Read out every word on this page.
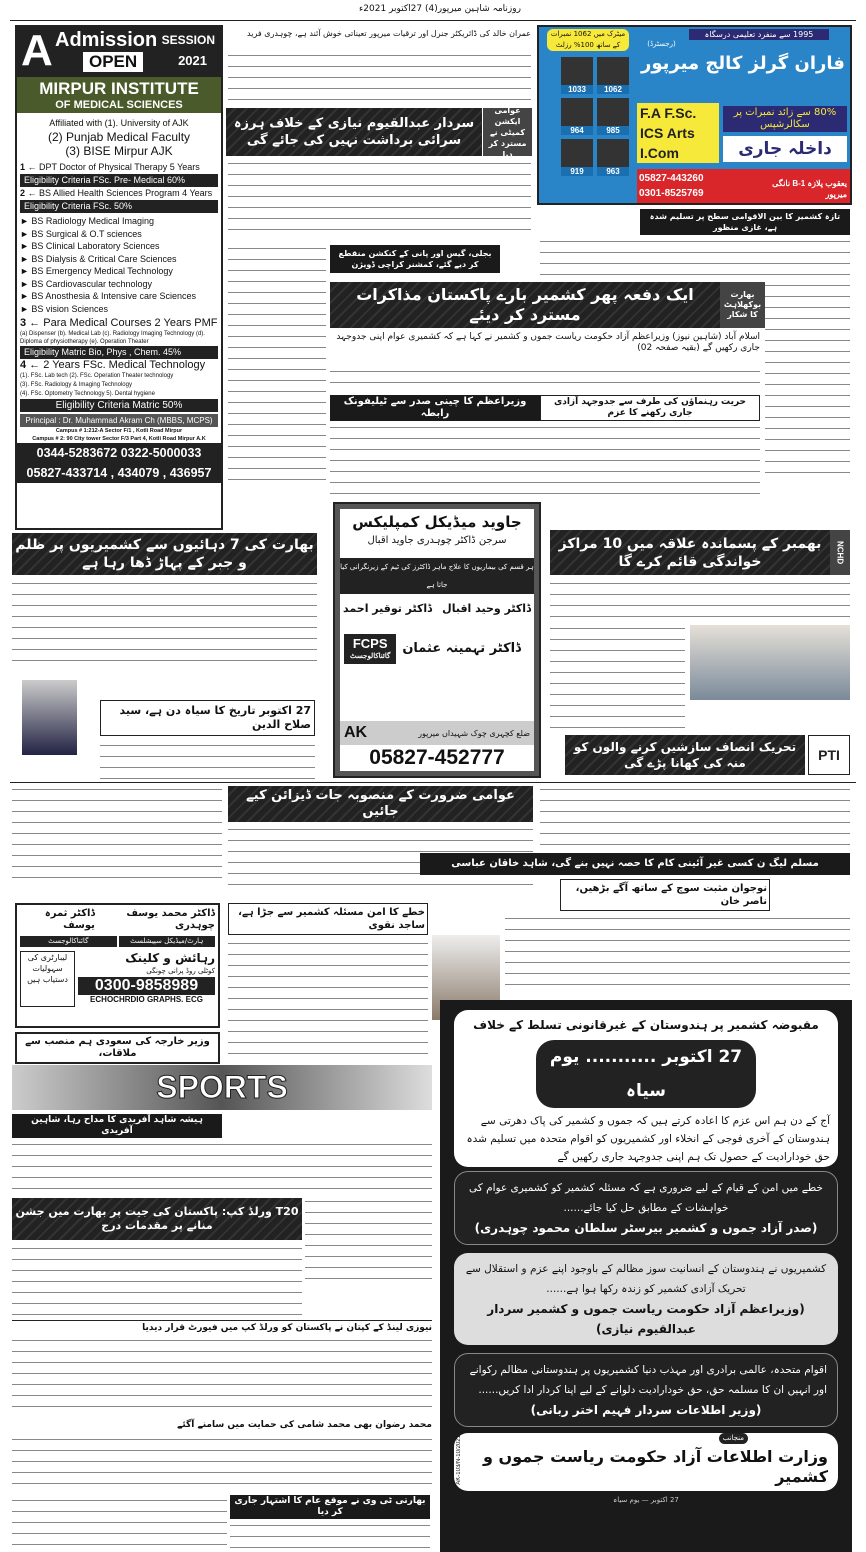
روزنامہ شاہین میرپور(4) 27اکتوبر 2021ء
A Admission
OPEN
SESSION
2021
MIRPUR INSTITUTE
OF MEDICAL SCIENCES
Affiliated with (1). University of AJK
(2) Punjab Medical Faculty
(3) BISE Mirpur AJK
1 ← DPT Doctor of Physical Therapy 5 Years
Eligibility Criteria FSc. Pre- Medical 60%
2 ← BS Allied Health Sciences Program 4 Years
Eligibility Criteria FSc. 50%
► BS Radiology Medical Imaging
► BS Surgical & O.T sciences
► BS Clinical Laboratory Sciences
► BS Dialysis & Critical Care Sciences
► BS Emergency Medical Technology
► BS Cardiovascular technology
► BS Anosthesia & Intensive care Sciences
► BS vision Sciences
3 ← Para Medical Courses 2 Years PMF
(a) Dispenser (b). Medical Lab (c). Radiology Imaging Technology (d). Diploma of physiotherapy (e). Operation Theater
Eligibility Matric Bio, Phys , Chem. 45%
4 ← 2 Years FSc. Medical Technology
(1). FSc. Lab tech (2). FSc. Operation Theater technology
(3). FSc. Radiology & Imaging Technology
(4). FSc. Optometry Technology 5). Dental hygiene
Eligibility Criteria Matric 50%
Principal : Dr. Muhammad Akram Ch (MBBS, MCPS)
Campus # 1:212-A Sector F/1 , Kotli Road Mirpur
Campus # 2: 90 City tower Sector F/3 Part 4, Kotli Road Mirpur A.K
0344-5283672 0322-5000033
05827-433714 , 434079 , 436957
عمران خالد کی ڈائریکٹر جنرل اور ترقیات میرپور تعیناتی خوش آئند ہے، چوہدری فرید
سردار عبدالقیوم نیازی کے خلاف ہرزہ سرائی برداشت نہیں کی جائے گی
عوامی ایکشن کمیٹی نے مسترد کر دیا
1995 سے منفرد تعلیمی درسگاہ
میٹرک میں 1062 نمبرات کے ساتھ 100% رزلٹ
فاران گرلز کالج میرپور
(رجسٹرڈ)
1033	1062
964	985
919	963
F.A F.Sc.
ICS Arts
I.Com
80% سے زائد نمبرات پر سکالرشپس
داخلہ جاری
05827-443260
0301-8525769
یعقوب پلازہ B-1 نانگی میرپور
بجلی، گیس اور پانی کے کنکشن منقطع کر دیے گئے، کمشنر کراچی ڈویژن
تازہ کشمیر کا بین الاقوامی سطح پر تسلیم شدہ ہے، غازی منظور
ایک دفعہ پھر کشمیر بارے پاکستان مذاکرات مسترد کر دیئے
بھارت بوکھلاہٹ کا شکار
اسلام آباد (شاہین نیوز) وزیراعظم آزاد حکومت ریاست جموں و کشمیر نے کہا ہے کہ کشمیری عوام اپنی جدوجہد جاری رکھیں گے (بقیہ صفحہ 02)
وزیراعظم کا چینی صدر سے ٹیلیفونک رابطہ
حریت رہنماؤں کی طرف سے جدوجہد آزادی جاری رکھنے کا عزم
بھارت کی 7 دہائیوں سے کشمیریوں پر ظلم و جبر کے پہاڑ ڈھا رہا ہے
27 اکتوبر تاریخ کا سیاہ دن ہے، سید صلاح الدین
جاوید میڈیکل کمپلیکس
سرجن ڈاکٹر چوہدری جاوید اقبال
ہر قسم کی بیماریوں کا علاج ماہر ڈاکٹرز کی ٹیم کے زیرنگرانی کیا جاتا ہے
ڈاکٹر توقیر احمد ڈاکٹر وحید اقبال
FCPS
گائناکالوجسٹ
ڈاکٹر تہمینہ عثمان
AK	ضلع کچہری چوک شہیداں میرپور
05827-452777
بھمبر کے پسماندہ علاقہ میں 10 مراکز خواندگی قائم کرے گا	NCHD
تحریک انصاف سازشیں کرنے والوں کو منہ کی کھانا پڑے گی	PTI
عوامی ضرورت کے منصوبہ جات ڈیزائن کیے جائیں
مسلم لیگ ن کسی غیر آئینی کام کا حصہ نہیں بنے گی، شاہد خاقان عباسی
نوجوان مثبت سوچ کے ساتھ آگے بڑھیں، ناصر خان
خطے کا امن مسئلہ کشمیر سے جڑا ہے، ساجد نقوی
ڈاکٹر ثمرہ یوسف
ڈاکٹر محمد یوسف چوہدری
گائناکالوجسٹ	ہارٹ/میڈیکل سپیشلسٹ
لیبارٹری کی سہولیات دستیاب ہیں
رہائش و کلینک
کوٹلی روڈ پرانی چونگی
0300-9858989
ECHOCHRDIO GRAPHS. ECG
وزیر خارجہ کی سعودی ہم منصب سے ملاقات،
SPORTS
ہیشہ شاہد آفریدی کا مداح رہا، شاہین آفریدی
T20 ورلڈ کپ: پاکستان کی جیت پر بھارت میں جشن منانے پر مقدمات درج
نیوزی لینڈ کے کپتان نے پاکستان کو ورلڈ کپ میں فیورٹ قرار دیدیا
محمد رضوان بھی محمد شامی کی حمایت میں سامنے آگئے
بھارتی ٹی وی نے موقع عام کا اشتہار جاری کر دیا
مقبوضہ کشمیر پر ہندوستان کے غیرقانونی تسلط کے خلاف
27 اکتوبر ........... یوم سیاہ
آج کے دن ہم اس عزم کا اعادہ کرتے ہیں کہ جموں و کشمیر کی پاک دھرتی سے ہندوستان کے آخری فوجی کے انخلاء اور کشمیریوں کو اقوام متحدہ میں تسلیم شدہ حق خودارادیت کے حصول تک ہم اپنی جدوجہد جاری رکھیں گے
خطے میں امن کے قیام کے لیے ضروری ہے کہ مسئلہ کشمیر کو کشمیری عوام کی خواہشات کے مطابق حل کیا جائے......
(صدر آزاد جموں و کشمیر بیرسٹر سلطان محمود چوہدری)
کشمیریوں نے ہندوستان کے انسانیت سوز مظالم کے باوجود اپنے عزم و استقلال سے تحریک آزادی کشمیر کو زندہ رکھا ہوا ہے......
(وزیراعظم آزاد حکومت ریاست جموں و کشمیر سردار عبدالقیوم نیازی)
اقوام متحدہ، عالمی برادری اور مہذب دنیا کشمیریوں پر ہندوستانی مظالم رکوانے اور انہیں ان کا مسلمہ حق، حق خودارادیت دلوانے کے لیے اپنا کردار ادا کریں......
(وزیر اطلاعات سردار فہیم اختر ربانی)
منجانب
وزارت اطلاعات آزاد حکومت ریاست جموں و کشمیر
AK-103/N-10/2021
27 اکتوبر — یوم سیاہ
